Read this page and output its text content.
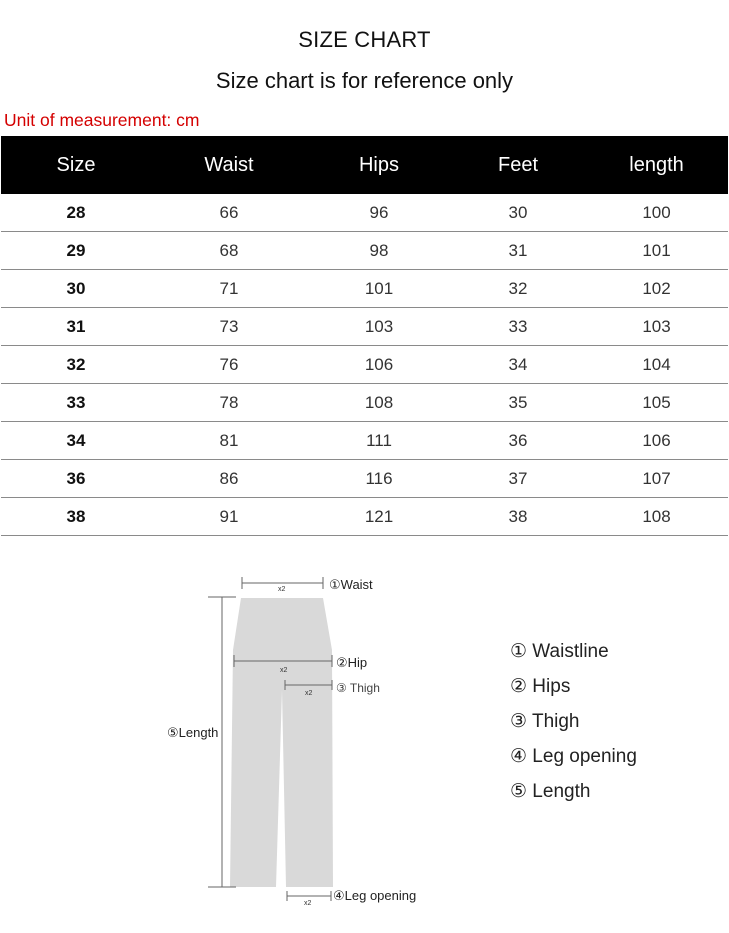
SIZE CHART
Size chart is for reference only
Unit of measurement: cm
Size	Waist	Hips	Feet	length
28	66	96	30	100
29	68	98	31	101
30	71	101	32	102
31	73	103	33	103
32	76	106	34	104
33	78	108	35	105
34	81	111	36	106
36	86	116	37	107
38	91	121	38	108
x2	①Waist
x2
②Hip
x2 ③ Thigh
⑤Length
x2
④Leg opening
① Waistline
② Hips
③ Thigh
④ Leg opening
⑤ Length
